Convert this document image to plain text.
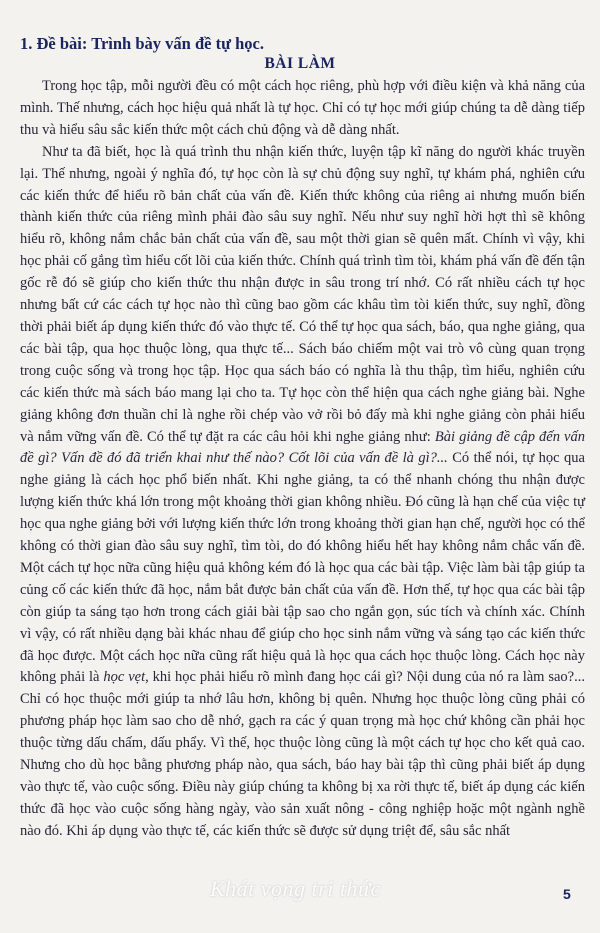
1. Đề bài: Trình bày vấn đề tự học.
BÀI LÀM

Trong học tập, mỗi người đều có một cách học riêng, phù hợp với điều kiện và khả năng của mình. Thế nhưng, cách học hiệu quả nhất là tự học. Chỉ có tự học mới giúp chúng ta dễ dàng tiếp thu và hiểu sâu sắc kiến thức một cách chủ động và dễ dàng nhất.

Như ta đã biết, học là quá trình thu nhận kiến thức, luyện tập kĩ năng do người khác truyền lại. Thế nhưng, ngoài ý nghĩa đó, tự học còn là sự chủ động suy nghĩ, tự khám phá, nghiên cứu các kiến thức để hiểu rõ bản chất của vấn đề. Kiến thức không của riêng ai nhưng muốn biến thành kiến thức của riêng mình phải đào sâu suy nghĩ. Nếu như suy nghĩ hời hợt thì sẽ không hiểu rõ, không nắm chắc bản chất của vấn đề, sau một thời gian sẽ quên mất. Chính vì vậy, khi học phải cố gắng tìm hiểu cốt lõi của kiến thức. Chính quá trình tìm tòi, khám phá vấn đề đến tận gốc rễ đó sẽ giúp cho kiến thức thu nhận được in sâu trong trí nhớ. Có rất nhiều cách tự học nhưng bất cứ các cách tự học nào thì cũng bao gồm các khâu tìm tòi kiến thức, suy nghĩ, đồng thời phải biết áp dụng kiến thức đó vào thực tế. Có thể tự học qua sách, báo, qua nghe giảng, qua các bài tập, qua học thuộc lòng, qua thực tế... Sách báo chiếm một vai trò vô cùng quan trọng trong cuộc sống và trong học tập. Học qua sách báo có nghĩa là thu thập, tìm hiểu, nghiên cứu các kiến thức mà sách báo mang lại cho ta. Tự học còn thể hiện qua cách nghe giảng bài. Nghe giảng không đơn thuần chỉ là nghe rồi chép vào vở rồi bỏ đấy mà khi nghe giảng còn phải hiểu và nắm vững vấn đề. Có thể tự đặt ra các câu hỏi khi nghe giảng như: Bài giảng đề cập đến vấn đề gì? Vấn đề đó đã triển khai như thế nào? Cốt lõi của vấn đề là gì?... Có thể nói, tự học qua nghe giảng là cách học phổ biến nhất. Khi nghe giảng, ta có thể nhanh chóng thu nhận được lượng kiến thức khá lớn trong một khoảng thời gian không nhiều. Đó cũng là hạn chế của việc tự học qua nghe giảng bởi với lượng kiến thức lớn trong khoảng thời gian hạn chế, người học có thể không có thời gian đào sâu suy nghĩ, tìm tòi, do đó không hiểu hết hay không nắm chắc vấn đề. Một cách tự học nữa cũng hiệu quả không kém đó là học qua các bài tập. Việc làm bài tập giúp ta củng cố các kiến thức đã học, nắm bắt được bản chất của vấn đề. Hơn thế, tự học qua các bài tập còn giúp ta sáng tạo hơn trong cách giải bài tập sao cho ngắn gọn, súc tích và chính xác. Chính vì vậy, có rất nhiều dạng bài khác nhau để giúp cho học sinh nắm vững và sáng tạo các kiến thức đã học được. Một cách học nữa cũng rất hiệu quả là học qua cách học thuộc lòng. Cách học này không phải là học vẹt, khi học phải hiểu rõ mình đang học cái gì? Nội dung của nó ra làm sao?... Chỉ có học thuộc mới giúp ta nhớ lâu hơn, không bị quên. Nhưng học thuộc lòng cũng phải có phương pháp học làm sao cho dễ nhớ, gạch ra các ý quan trọng mà học chứ không cần phải học thuộc từng dấu chấm, dấu phẩy. Vì thế, học thuộc lòng cũng là một cách tự học cho kết quả cao. Nhưng cho dù học bằng phương pháp nào, qua sách, báo hay bài tập thì cũng phải biết áp dụng vào thực tế, vào cuộc sống. Điều này giúp chúng ta không bị xa rời thực tế, biết áp dụng các kiến thức đã học vào cuộc sống hàng ngày, vào sản xuất nông - công nghiệp hoặc một ngành nghề nào đó. Khi áp dụng vào thực tế, các kiến thức sẽ được sử dụng triệt để, sâu sắc nhất

Khát vọng tri thức	5
